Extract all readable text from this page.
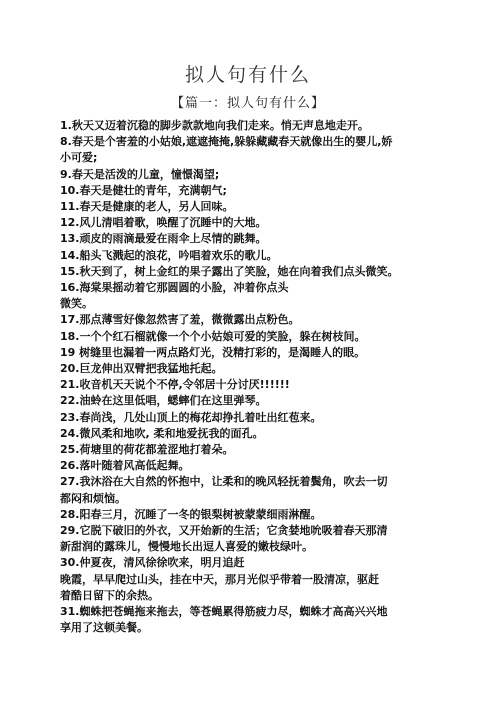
拟人句有什么
【篇一：拟人句有什么】
1.秋天又迈着沉稳的脚步款款地向我们走来。悄无声息地走开。
8.春天是个害羞的小姑娘,遮遮掩掩,躲躲藏藏春天就像出生的婴儿,娇
小可爱;
9.春天是活泼的儿童，憧憬渴望;
10.春天是健壮的青年，充满朝气;
11.春天是健康的老人，另人回味。
12.风儿清唱着歌，唤醒了沉睡中的大地。
13.顽皮的雨滴最爱在雨伞上尽情的跳舞。
14.船头飞溅起的浪花，吟唱着欢乐的歌儿。
15.秋天到了，树上金红的果子露出了笑脸，她在向着我们点头微笑。
16.海棠果摇动着它那圆圆的小脸，冲着你点头
微笑。
17.那点薄雪好像忽然害了羞，微微露出点粉色。
18.一个个红石榴就像一个个小姑娘可爱的笑脸，躲在树枝间。
19 树缝里也漏着一两点路灯光，没精打彩的，是渴睡人的眼。
20.巨龙伸出双臂把我猛地托起。
21.收音机天天说个不停,令邻居十分讨厌!!!!!!
22.油蛉在这里低唱，蟋蟀们在这里弹琴。
23.春尚浅，几处山顶上的梅花却挣扎着吐出红苞来。
24.微风柔和地吹, 柔和地爱抚我的面孔。
25.荷塘里的荷花都羞涩地打着朵。
26.落叶随着风高低起舞。
27.我沐浴在大自然的怀抱中，让柔和的晚风轻抚着鬓角，吹去一切
都闷和烦恼。
28.阳春三月，沉睡了一冬的银梨树被蒙蒙细雨淋醒。
29.它脱下破旧的外衣，又开始新的生活；它贪婪地吮吸着春天那清
新甜润的露珠儿，慢慢地长出逗人喜爱的嫩枝绿叶。
30.仲夏夜，清风徐徐吹来，明月追赶
晚霞，早早爬过山头，挂在中天，那月光似乎带着一股清凉，驱赶
着酷日留下的余热。
31.蜘蛛把苍蝇拖来拖去，等苍蝇累得筋疲力尽，蜘蛛才高高兴兴地
享用了这顿美餐。
